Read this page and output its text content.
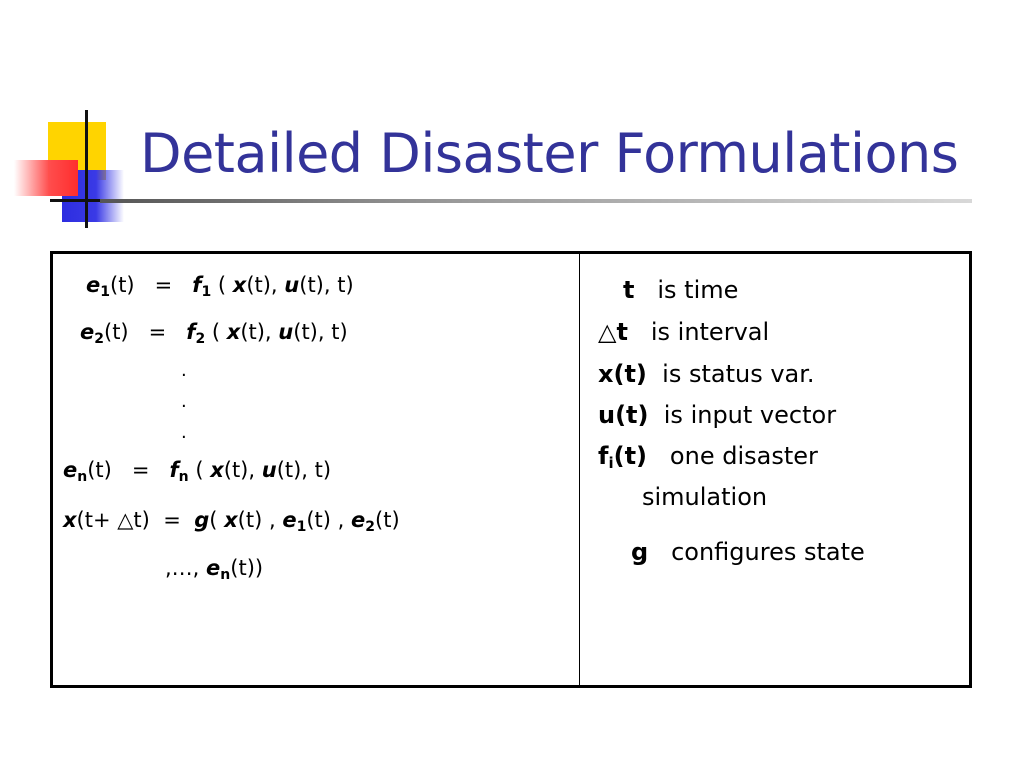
Detailed Disaster Formulations
$e_1(t) = f_1$ ( x(t), u(t), t)
$e_2(t) = f_2$ ( x(t), u(t), t)
.
.
.
$e_n(t) = f_n$ ( x(t), u(t), t)
x(t+ △t) = g( x(t) , $e_1(t)$ , $e_2(t)$
,…, $e_n(t)$)
t is time
△t is interval
x(t) is status var.
u(t) is input vector
$f_i(t)$ one disaster
simulation
g configures state
